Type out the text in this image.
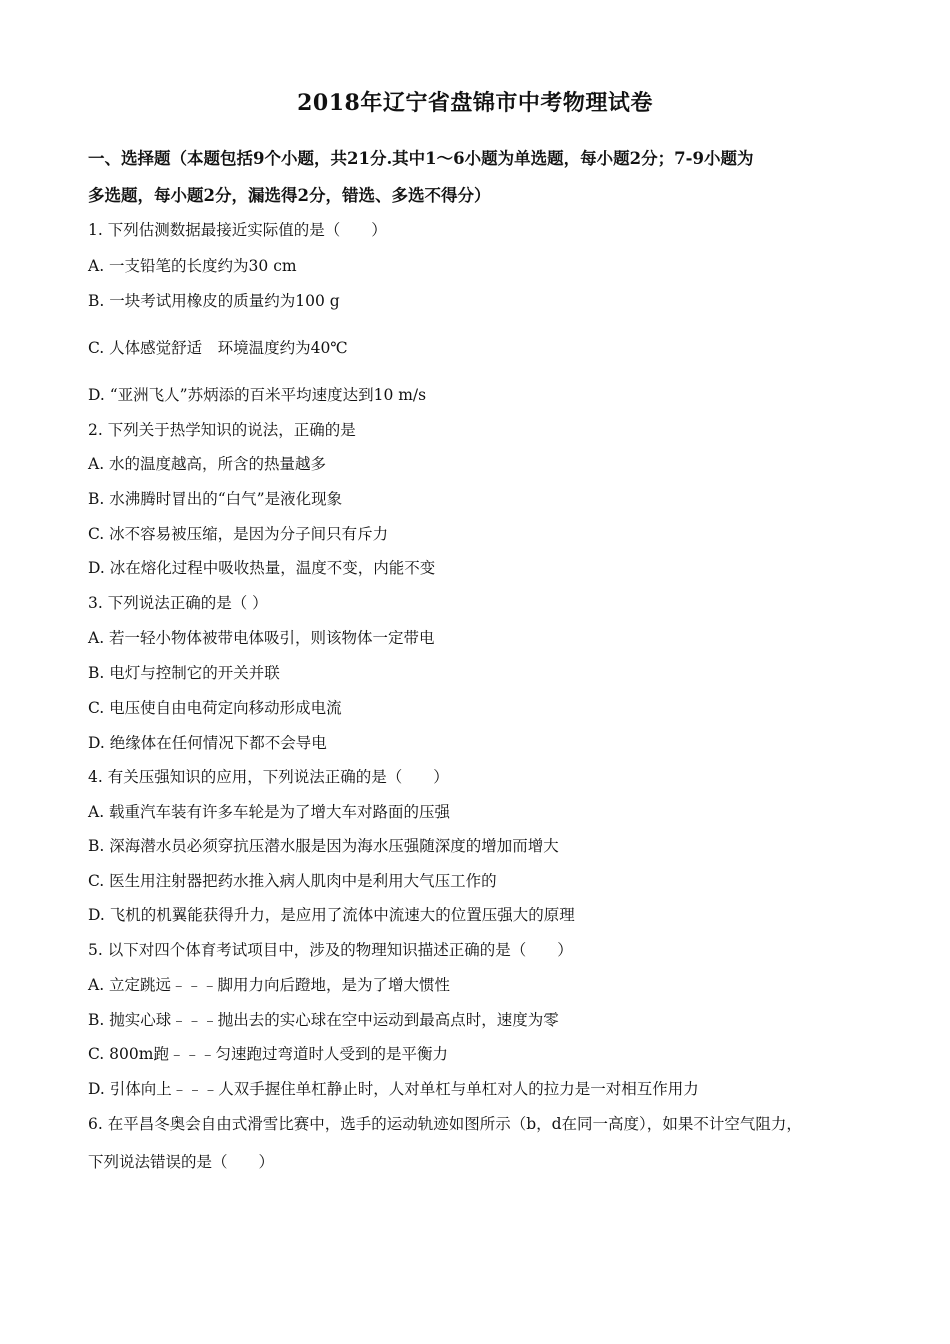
2018年辽宁省盘锦市中考物理试卷
一、选择题（本题包括9个小题，共21分.其中1～6小题为单选题，每小题2分；7-9小题为
多选题，每小题2分，漏选得2分，错选、多选不得分）
1. 下列估测数据最接近实际值的是（　　）
A. 一支铅笔的长度约为30 cm
B. 一块考试用橡皮的质量约为100 g
C. 人体感觉舒适　环境温度约为40℃
D. “亚洲飞人”苏炳添的百米平均速度达到10 m/s
2. 下列关于热学知识的说法，正确的是
A. 水的温度越高，所含的热量越多
B. 水沸腾时冒出的“白气”是液化现象
C. 冰不容易被压缩，是因为分子间只有斥力
D. 冰在熔化过程中吸收热量，温度不变，内能不变
3. 下列说法正确的是（ ）
A. 若一轻小物体被带电体吸引，则该物体一定带电
B. 电灯与控制它的开关并联
C. 电压使自由电荷定向移动形成电流
D. 绝缘体在任何情况下都不会导电
4. 有关压强知识的应用，下列说法正确的是（　　）
A. 载重汽车装有许多车轮是为了增大车对路面的压强
B. 深海潜水员必须穿抗压潜水服是因为海水压强随深度的增加而增大
C. 医生用注射器把药水推入病人肌肉中是利用大气压工作的
D. 飞机的机翼能获得升力，是应用了流体中流速大的位置压强大的原理
5. 以下对四个体育考试项目中，涉及的物理知识描述正确的是（　　）
A. 立定跳远﹣﹣﹣脚用力向后蹬地，是为了增大惯性
B. 抛实心球﹣﹣﹣抛出去的实心球在空中运动到最高点时，速度为零
C. 800m跑﹣﹣﹣匀速跑过弯道时人受到的是平衡力
D. 引体向上﹣﹣﹣人双手握住单杠静止时，人对单杠与单杠对人的拉力是一对相互作用力
6. 在平昌冬奥会自由式滑雪比赛中，选手的运动轨迹如图所示（b，d在同一高度），如果不计空气阻力，
下列说法错误的是（　　）
